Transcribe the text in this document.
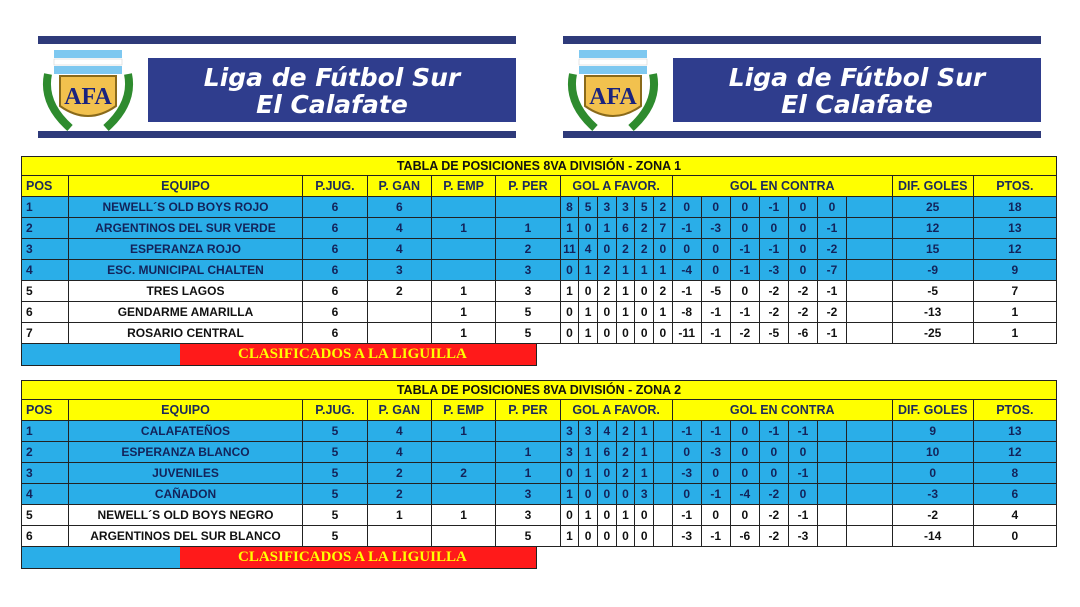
AFA
Liga de Fútbol Sur
El Calafate	AFA
Liga de Fútbol Sur
El Calafate
TABLA DE POSICIONES 8VA DIVISIÓN - ZONA 1																				
POS	EQUIPO	P.JUG.	P. GAN	P. EMP	P. PER	GOL A FAVOR.						GOL EN CONTRA							DIF. GOLES	PTOS.
1	NEWELL´S OLD BOYS ROJO	6	6			8	5	3	3	5	2	0	0	0	-1	0	0		25	18
2	ARGENTINOS DEL SUR VERDE	6	4	1	1	1	0	1	6	2	7	-1	-3	0	0	0	-1		12	13
3	ESPERANZA ROJO	6	4		2	11	4	0	2	2	0	0	0	-1	-1	0	-2		15	12
4	ESC. MUNICIPAL CHALTEN	6	3		3	0	1	2	1	1	1	-4	0	-1	-3	0	-7		-9	9
5	TRES LAGOS	6	2	1	3	1	0	2	1	0	2	-1	-5	0	-2	-2	-1		-5	7
6	GENDARME AMARILLA	6		1	5	0	1	0	1	0	1	-8	-1	-1	-2	-2	-2		-13	1
7	ROSARIO CENTRAL	6		1	5	0	1	0	0	0	0	-11	-1	-2	-5	-6	-1		-25	1
CLASIFICADOS A LA LIGUILLA
TABLA DE POSICIONES 8VA DIVISIÓN - ZONA 2																				
POS	EQUIPO	P.JUG.	P. GAN	P. EMP	P. PER	GOL A FAVOR.						GOL EN CONTRA							DIF. GOLES	PTOS.
1	CALAFATEÑOS	5	4	1		3	3	4	2	1		-1	-1	0	-1	-1			9	13
2	ESPERANZA BLANCO	5	4		1	3	1	6	2	1		0	-3	0	0	0			10	12
3	JUVENILES	5	2	2	1	0	1	0	2	1		-3	0	0	0	-1			0	8
4	CAÑADON	5	2		3	1	0	0	0	3		0	-1	-4	-2	0			-3	6
5	NEWELL´S OLD BOYS NEGRO	5	1	1	3	0	1	0	1	0		-1	0	0	-2	-1			-2	4
6	ARGENTINOS DEL SUR BLANCO	5			5	1	0	0	0	0		-3	-1	-6	-2	-3			-14	0
CLASIFICADOS A LA LIGUILLA
